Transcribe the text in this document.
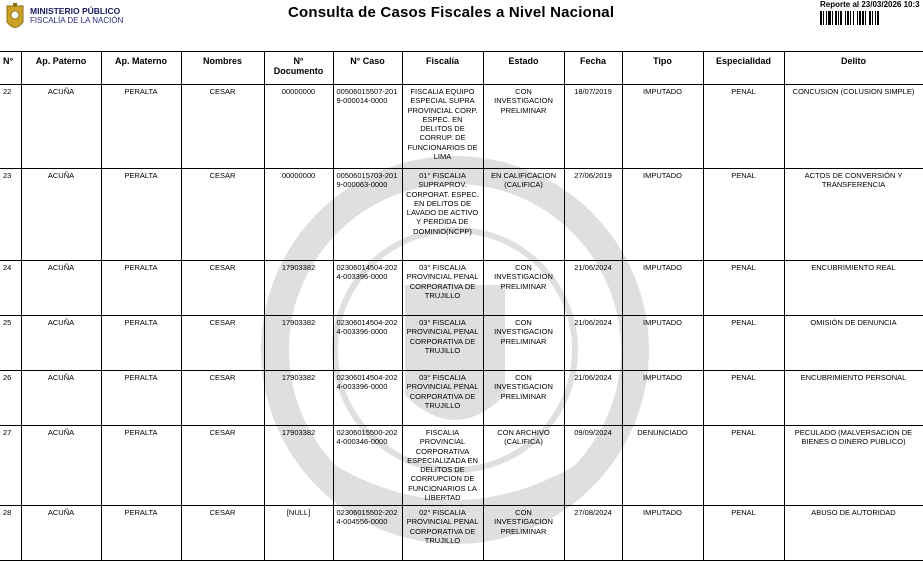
MINISTERIO PÚBLICO
FISCALÍA DE LA NACIÓN	Consulta de Casos Fiscales a Nivel Nacional	Reporte al 23/03/2026 10:3
N°	Ap. Paterno	Ap. Materno	Nombres	N° Documento	N° Caso	Fiscalía	Estado	Fecha	Tipo	Especialidad	Delito
22	ACUÑA	PERALTA	CESAR	00000000	00506015507-2019-000014-0000	FISCALIA EQUIPO ESPECIAL SUPRA PROVINCIAL CORP. ESPEC. EN DELITOS DE CORRUP. DE FUNCIONARIOS DE LIMA	CON INVESTIGACION PRELIMINAR	18/07/2019	IMPUTADO	PENAL	CONCUSION (COLUSION SIMPLE)
23	ACUÑA	PERALTA	CESAR	00000000	00506015703-2019-000063-0000	01° FISCALIA SUPRAPROV. CORPORAT. ESPEC. EN DELITOS DE LAVADO DE ACTIVO Y PERDIDA DE DOMINIO(NCPP)	EN CALIFICACION (CALIFICA)	27/06/2019	IMPUTADO	PENAL	ACTOS DE CONVERSIÓN Y TRANSFERENCIA
24	ACUÑA	PERALTA	CESAR	17903382	02306014504-2024-003396-0000	03° FISCALIA PROVINCIAL PENAL CORPORATIVA DE TRUJILLO	CON INVESTIGACION PRELIMINAR	21/06/2024	IMPUTADO	PENAL	ENCUBRIMIENTO REAL
25	ACUÑA	PERALTA	CESAR	17903382	02306014504-2024-003396-0000	03° FISCALIA PROVINCIAL PENAL CORPORATIVA DE TRUJILLO	CON INVESTIGACION PRELIMINAR	21/06/2024	IMPUTADO	PENAL	OMISIÓN DE DENUNCIA
26	ACUÑA	PERALTA	CESAR	17903382	02306014504-2024-003396-0000	03° FISCALIA PROVINCIAL PENAL CORPORATIVA DE TRUJILLO	CON INVESTIGACION PRELIMINAR	21/06/2024	IMPUTADO	PENAL	ENCUBRIMIENTO PERSONAL
27	ACUÑA	PERALTA	CESAR	17903382	02306015500-2024-000346-0000	FISCALIA PROVINCIAL CORPORATIVA ESPECIALIZADA EN DELITOS DE CORRUPCION DE FUNCIONARIOS LA LIBERTAD	CON ARCHIVO (CALIFICA)	09/09/2024	DENUNCIADO	PENAL	PECULADO (MALVERSACION DE BIENES O DINERO PUBLICO)
28	ACUÑA	PERALTA	CESAR	[NULL]	02306015502-2024-004556-0000	02° FISCALIA PROVINCIAL PENAL CORPORATIVA DE TRUJILLO	CON INVESTIGACION PRELIMINAR	27/08/2024	IMPUTADO	PENAL	ABUSO DE AUTORIDAD
